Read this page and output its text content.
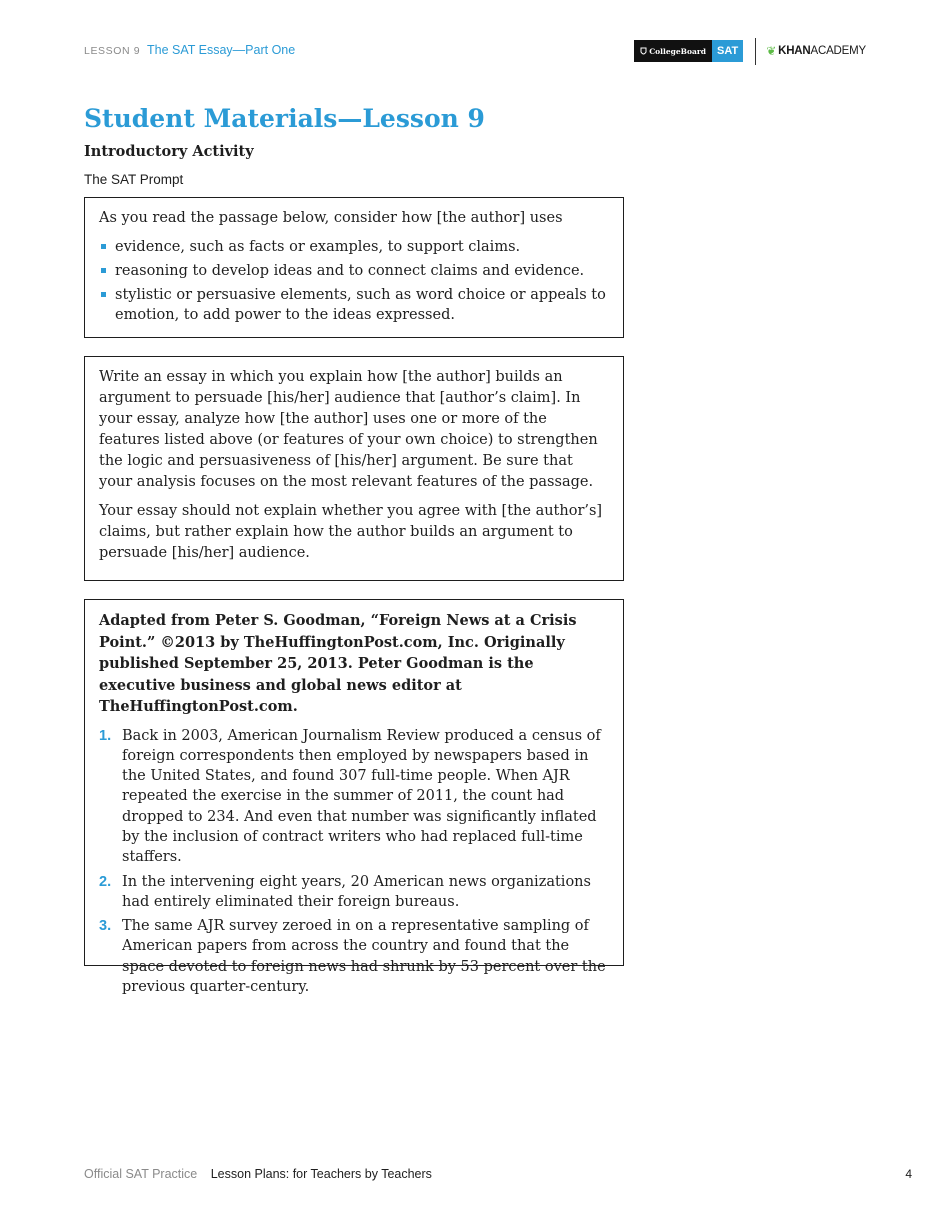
LESSON 9 The SAT Essay—Part One	CollegeBoard	SAT	❦ KHAN ACADEMY
Student Materials—Lesson 9
Introductory Activity
The SAT Prompt

As you read the passage below, consider how [the author] uses

evidence, such as facts or examples, to support claims.
reasoning to develop ideas and to connect claims and evidence.
stylistic or persuasive elements, such as word choice or appeals to emotion, to add power to the ideas expressed.

Write an essay in which you explain how [the author] builds an argument to persuade [his/her] audience that [author’s claim]. In your essay, analyze how [the author] uses one or more of the features listed above (or features of your own choice) to strengthen the logic and persuasiveness of [his/her] argument. Be sure that your analysis focuses on the most relevant features of the passage.

Your essay should not explain whether you agree with [the author’s] claims, but rather explain how the author builds an argument to persuade [his/her] audience.

Adapted from Peter S. Goodman, “Foreign News at a Crisis Point.” ©2013 by TheHuffingtonPost.com, Inc. Originally published September 25, 2013. Peter Goodman is the executive business and global news editor at TheHuffingtonPost.com.

1. Back in 2003, American Journalism Review produced a census of foreign correspondents then employed by newspapers based in the United States, and found 307 full-time people. When AJR repeated the exercise in the summer of 2011, the count had dropped to 234. And even that number was significantly inflated by the inclusion of contract writers who had replaced full-time staffers.
2. In the intervening eight years, 20 American news organizations had entirely eliminated their foreign bureaus.
3. The same AJR survey zeroed in on a representative sampling of American papers from across the country and found that the space devoted to foreign news had shrunk by 53 percent over the previous quarter-century.
Official SAT Practice Lesson Plans: for Teachers by Teachers	4
